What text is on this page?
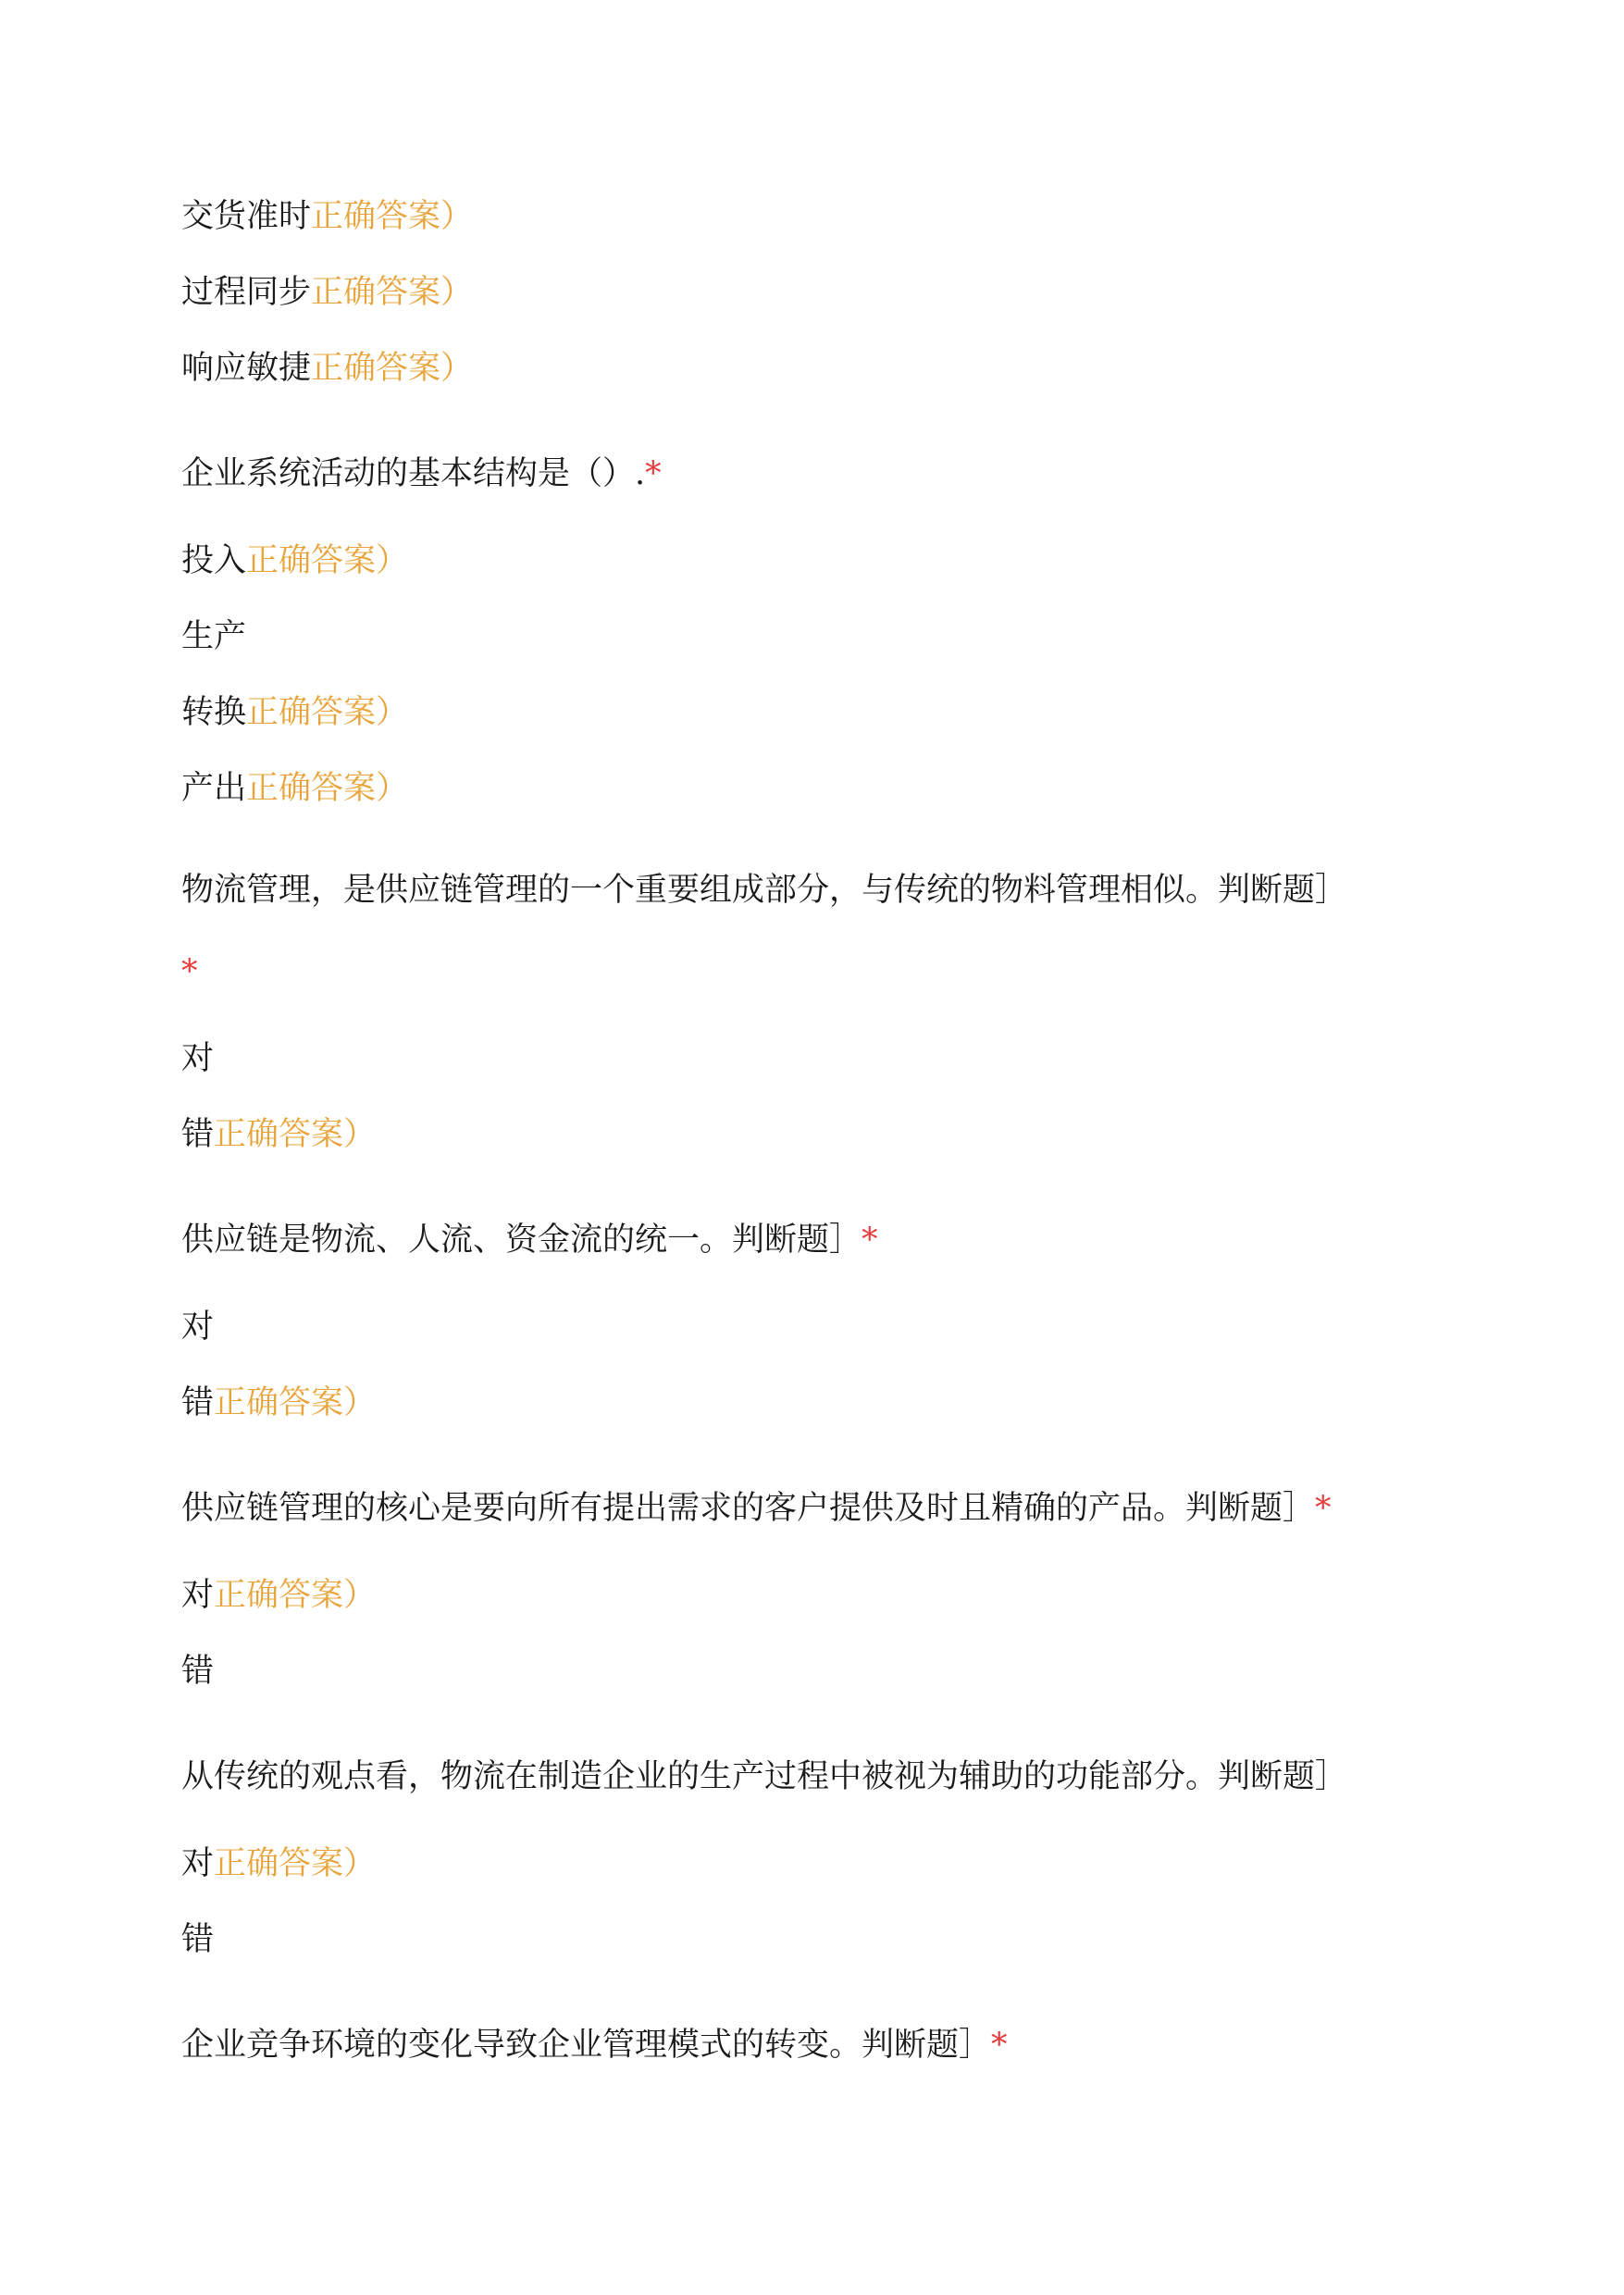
交货准时正确答案）
过程同步正确答案）
响应敏捷正确答案）
企业系统活动的基本结构是（）.*
投入正确答案）
生产
转换正确答案）
产出正确答案）
物流管理，是供应链管理的一个重要组成部分，与传统的物料管理相似。判断题］
*
对
错正确答案）
供应链是物流、人流、资金流的统一。判断题］*
对
错正确答案）
供应链管理的核心是要向所有提出需求的客户提供及时且精确的产品。判断题］*
对正确答案）
错
从传统的观点看，物流在制造企业的生产过程中被视为辅助的功能部分。判断题］
对正确答案）
错
企业竞争环境的变化导致企业管理模式的转变。判断题］*
